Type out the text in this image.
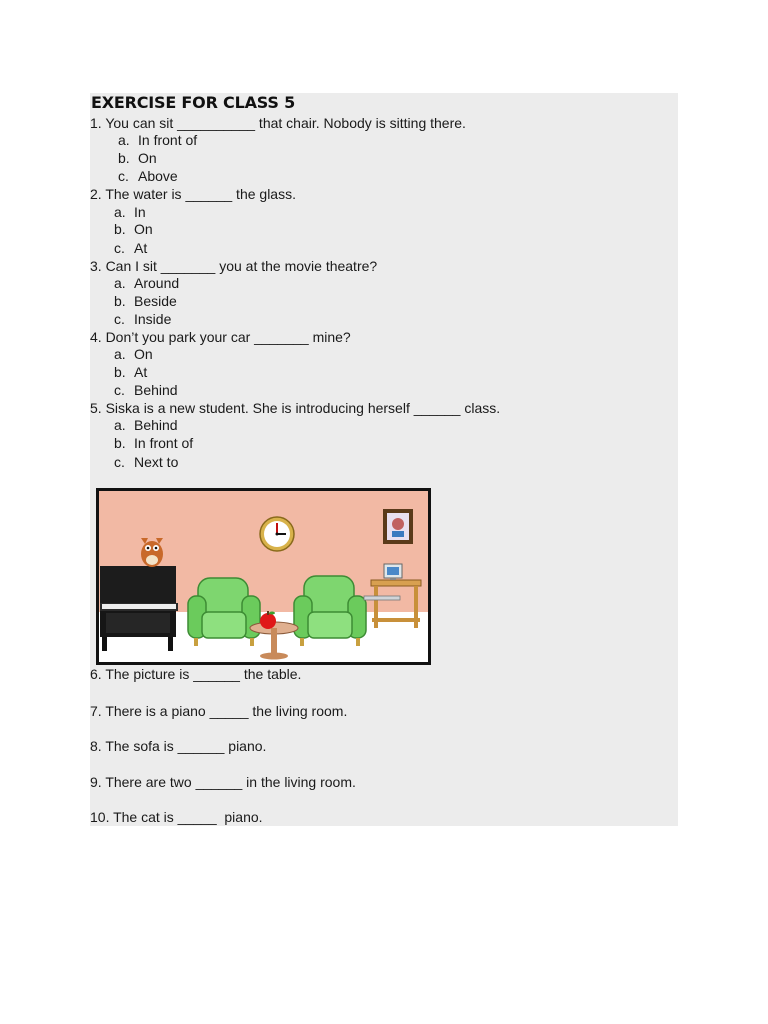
EXERCISE FOR CLASS 5
1. You can sit __________ that chair. Nobody is sitting there.
a. In front of
b. On
c. Above
2. The water is ______ the glass.
a. In
b. On
c. At
3. Can I sit _______ you at the movie theatre?
a. Around
b. Beside
c. Inside
4. Don’t you park your car _______ mine?
a. On
b. At
c. Behind
5. Siska is a new student. She is introducing herself ______ class.
a. Behind
b. In front of
c. Next to
6. The picture is ______ the table.
7. There is a piano _____ the living room.
8. The sofa is ______ piano.
9. There are two ______ in the living room.
10. The cat is _____  piano.
